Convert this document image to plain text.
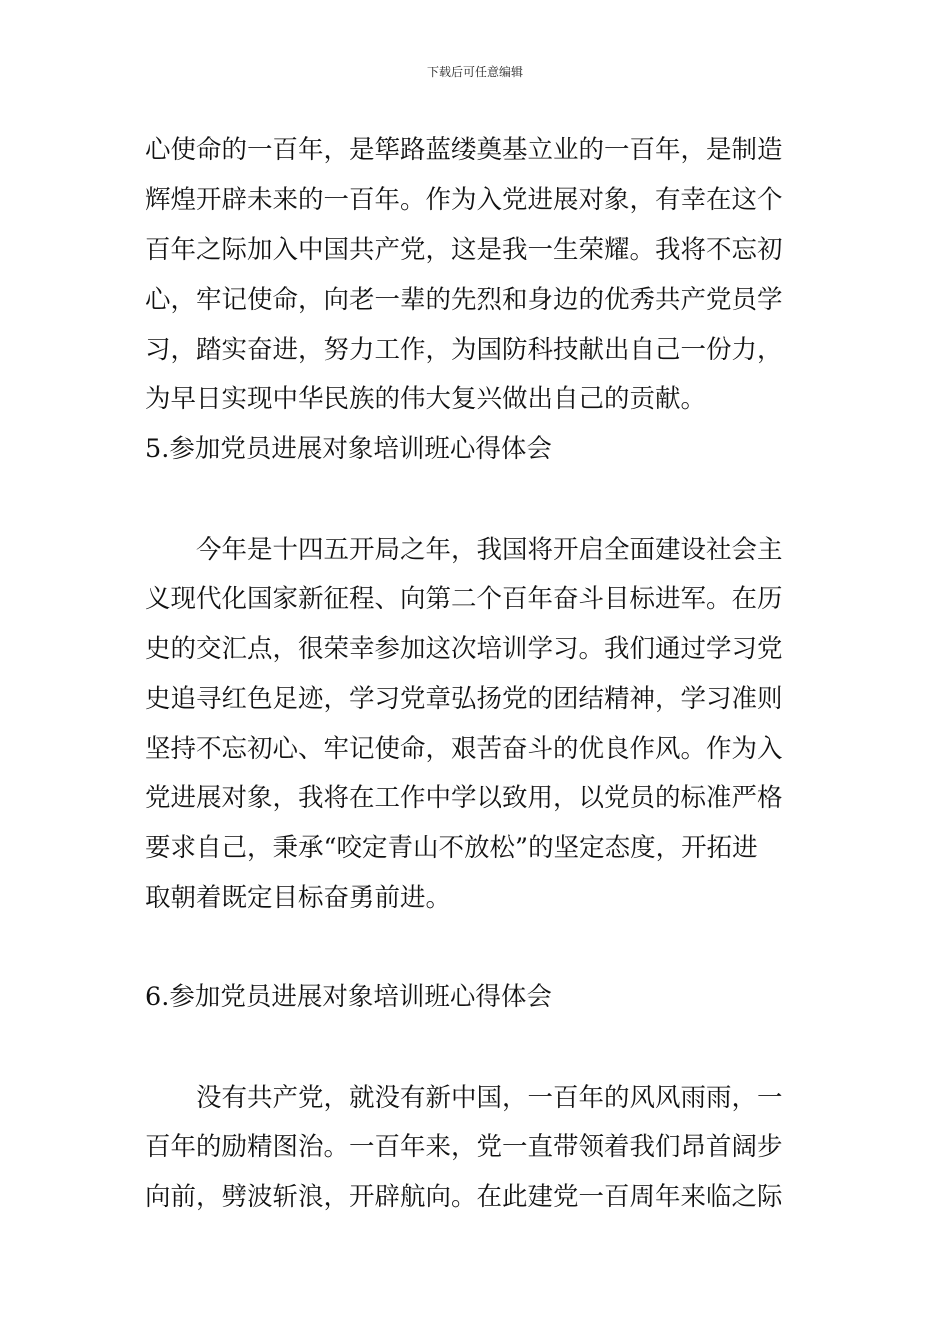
下载后可任意编辑
心使命的一百年，是筚路蓝缕奠基立业的一百年，是制造
辉煌开辟未来的一百年。作为入党进展对象，有幸在这个
百年之际加入中国共产党，这是我一生荣耀。我将不忘初
心，牢记使命，向老一辈的先烈和身边的优秀共产党员学
习，踏实奋进，努力工作，为国防科技献出自己一份力，
为早日实现中华民族的伟大复兴做出自己的贡献。
5.参加党员进展对象培训班心得体会
今年是十四五开局之年，我国将开启全面建设社会主
义现代化国家新征程、向第二个百年奋斗目标进军。在历
史的交汇点，很荣幸参加这次培训学习。我们通过学习党
史追寻红色足迹，学习党章弘扬党的团结精神，学习准则
坚持不忘初心、牢记使命，艰苦奋斗的优良作风。作为入
党进展对象，我将在工作中学以致用，以党员的标准严格
要求自己，秉承“咬定青山不放松”的坚定态度，开拓进
取朝着既定目标奋勇前进。
6.参加党员进展对象培训班心得体会
没有共产党，就没有新中国，一百年的风风雨雨，一
百年的励精图治。一百年来，党一直带领着我们昂首阔步
向前，劈波斩浪，开辟航向。在此建党一百周年来临之际
